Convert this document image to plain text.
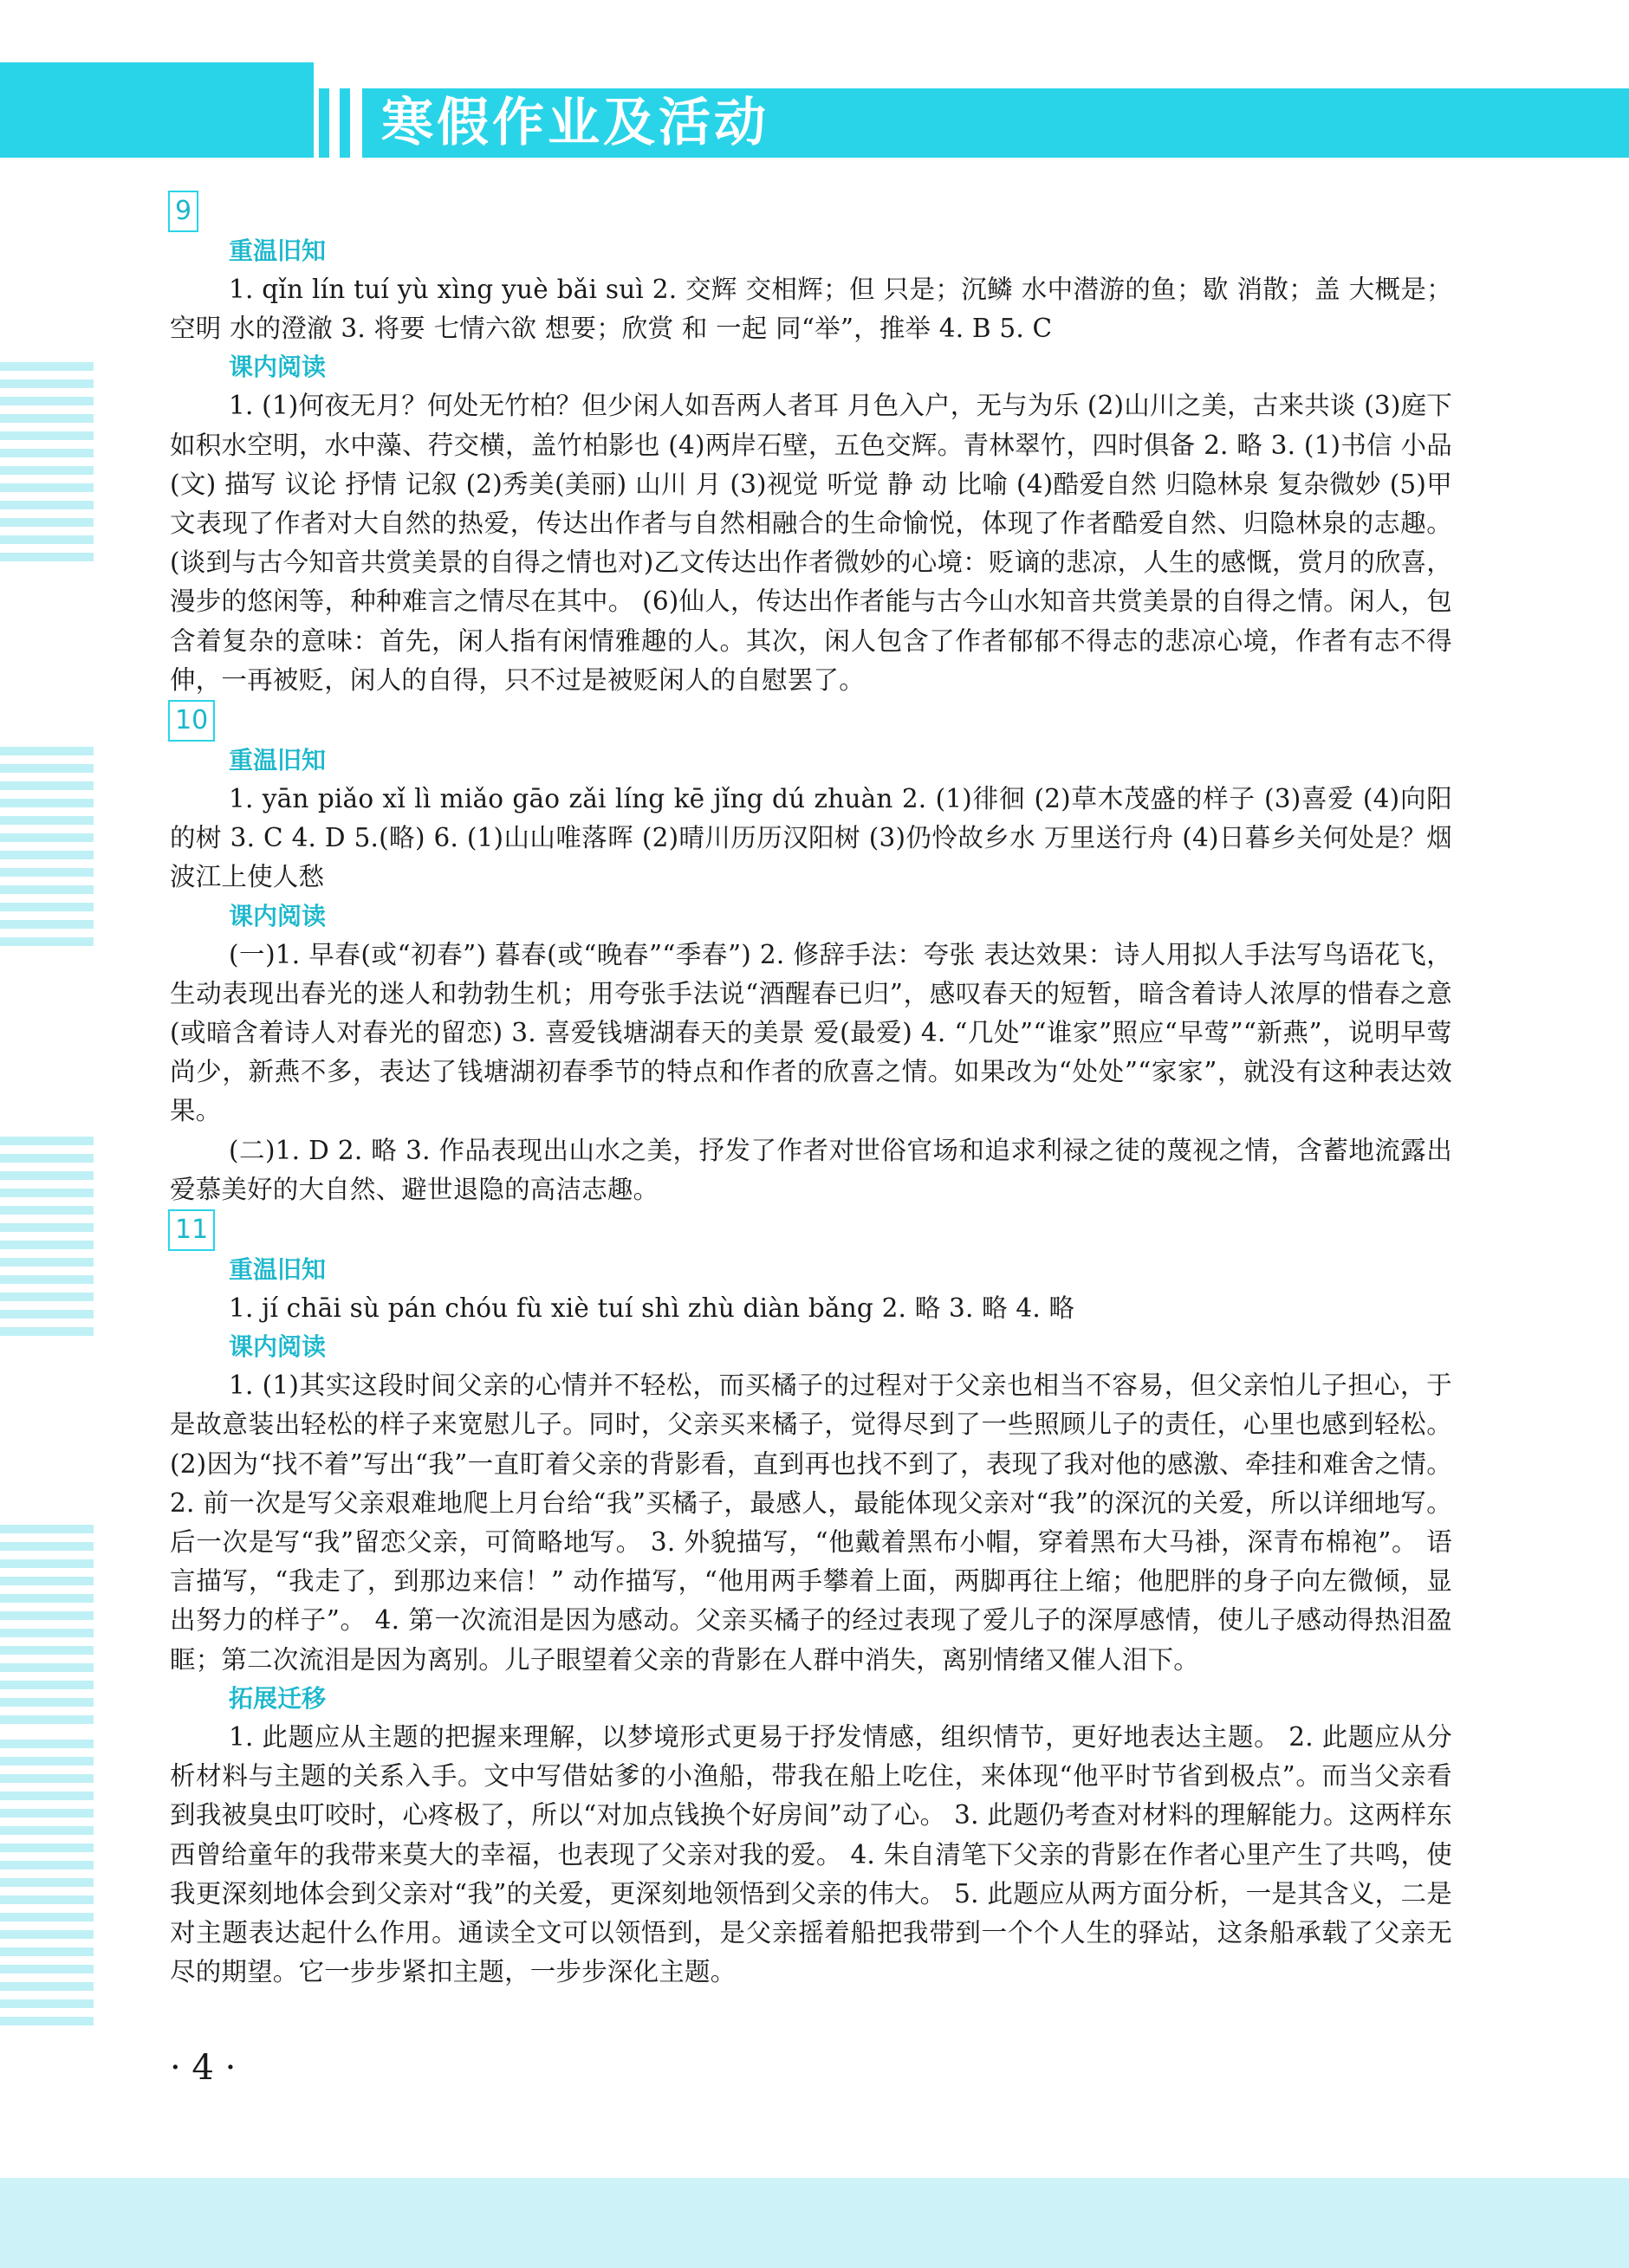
寒假作业及活动
9
重温旧知

1. qǐn lín tuí yù xìng yuè bǎi suì 2. 交辉 交相辉；但 只是；沉鳞 水中潜游的鱼；歇 消散；盖 大概是；空明 水的澄澈 3. 将要 七情六欲 想要；欣赏 和 一起 同“举”，推举 4. B 5. C

课内阅读

1. (1)何夜无月？何处无竹柏？但少闲人如吾两人者耳 月色入户，无与为乐 (2)山川之美，古来共谈 (3)庭下如积水空明，水中藻、荇交横，盖竹柏影也 (4)两岸石壁，五色交辉。青林翠竹，四时俱备 2. 略 3. (1)书信 小品(文) 描写 议论 抒情 记叙 (2)秀美(美丽) 山川 月 (3)视觉 听觉 静 动 比喻 (4)酷爱自然 归隐林泉 复杂微妙 (5)甲文表现了作者对大自然的热爱，传达出作者与自然相融合的生命愉悦，体现了作者酷爱自然、归隐林泉的志趣。(谈到与古今知音共赏美景的自得之情也对)乙文传达出作者微妙的心境：贬谪的悲凉，人生的感慨，赏月的欣喜，漫步的悠闲等，种种难言之情尽在其中。 (6)仙人，传达出作者能与古今山水知音共赏美景的自得之情。闲人，包含着复杂的意味：首先，闲人指有闲情雅趣的人。其次，闲人包含了作者郁郁不得志的悲凉心境，作者有志不得伸，一再被贬，闲人的自得，只不过是被贬闲人的自慰罢了。

10
重温旧知

1. yān piǎo xǐ lì miǎo gāo zǎi líng kē jǐng dú zhuàn 2. (1)徘徊 (2)草木茂盛的样子 (3)喜爱 (4)向阳的树 3. C 4. D 5.(略) 6. (1)山山唯落晖 (2)晴川历历汉阳树 (3)仍怜故乡水 万里送行舟 (4)日暮乡关何处是？烟波江上使人愁

课内阅读

(一)1. 早春(或“初春”) 暮春(或“晚春”“季春”) 2. 修辞手法：夸张 表达效果：诗人用拟人手法写鸟语花飞，生动表现出春光的迷人和勃勃生机；用夸张手法说“酒醒春已归”，感叹春天的短暂，暗含着诗人浓厚的惜春之意(或暗含着诗人对春光的留恋) 3. 喜爱钱塘湖春天的美景 爱(最爱) 4. “几处”“谁家”照应“早莺”“新燕”，说明早莺尚少，新燕不多，表达了钱塘湖初春季节的特点和作者的欣喜之情。如果改为“处处”“家家”，就没有这种表达效果。

(二)1. D 2. 略 3. 作品表现出山水之美，抒发了作者对世俗官场和追求利禄之徒的蔑视之情，含蓄地流露出爱慕美好的大自然、避世退隐的高洁志趣。

11
重温旧知

1. jí chāi sù pán chóu fù xiè tuí shì zhù diàn bǎng 2. 略 3. 略 4. 略

课内阅读

1. (1)其实这段时间父亲的心情并不轻松，而买橘子的过程对于父亲也相当不容易，但父亲怕儿子担心，于是故意装出轻松的样子来宽慰儿子。同时，父亲买来橘子，觉得尽到了一些照顾儿子的责任，心里也感到轻松。 (2)因为“找不着”写出“我”一直盯着父亲的背影看，直到再也找不到了，表现了我对他的感激、牵挂和难舍之情。 2. 前一次是写父亲艰难地爬上月台给“我”买橘子，最感人，最能体现父亲对“我”的深沉的关爱，所以详细地写。后一次是写“我”留恋父亲，可简略地写。 3. 外貌描写，“他戴着黑布小帽，穿着黑布大马褂，深青布棉袍”。 语言描写，“我走了，到那边来信！” 动作描写，“他用两手攀着上面，两脚再往上缩；他肥胖的身子向左微倾，显出努力的样子”。 4. 第一次流泪是因为感动。父亲买橘子的经过表现了爱儿子的深厚感情，使儿子感动得热泪盈眶；第二次流泪是因为离别。儿子眼望着父亲的背影在人群中消失，离别情绪又催人泪下。

拓展迁移

1. 此题应从主题的把握来理解，以梦境形式更易于抒发情感，组织情节，更好地表达主题。 2. 此题应从分析材料与主题的关系入手。文中写借姑爹的小渔船，带我在船上吃住，来体现“他平时节省到极点”。而当父亲看到我被臭虫叮咬时，心疼极了，所以“对加点钱换个好房间”动了心。 3. 此题仍考查对材料的理解能力。这两样东西曾给童年的我带来莫大的幸福，也表现了父亲对我的爱。 4. 朱自清笔下父亲的背影在作者心里产生了共鸣，使我更深刻地体会到父亲对“我”的关爱，更深刻地领悟到父亲的伟大。 5. 此题应从两方面分析，一是其含义，二是对主题表达起什么作用。通读全文可以领悟到，是父亲摇着船把我带到一个个人生的驿站，这条船承载了父亲无尽的期望。它一步步紧扣主题，一步步深化主题。

· 4 ·
